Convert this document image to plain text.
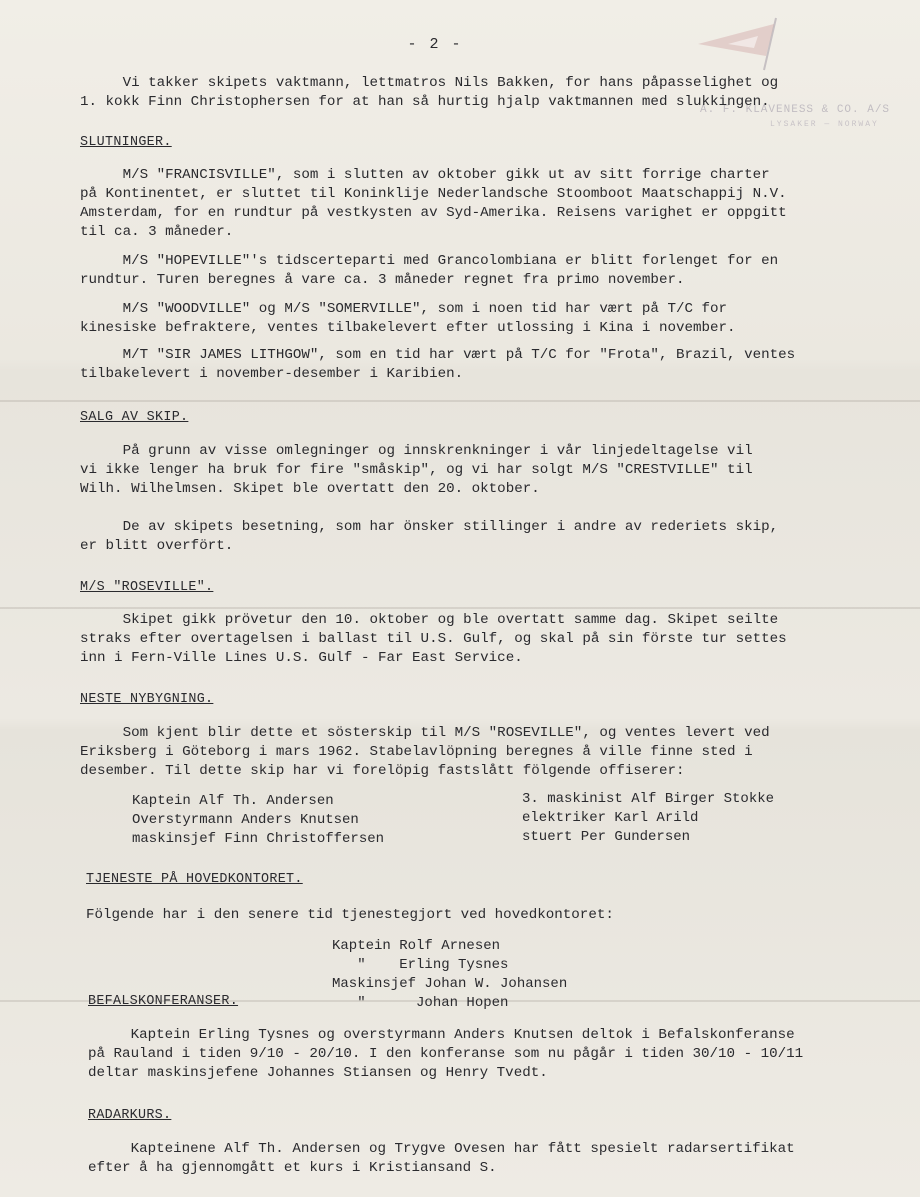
A. F. KLAVENESS & CO. A/S
LYSAKER — NORWAY
- 2 -
Vi takker skipets vaktmann, lettmatros Nils Bakken, for hans påpasselighet og
1. kokk Finn Christophersen for at han så hurtig hjalp vaktmannen med slukkingen.
SLUTNINGER.
M/S "FRANCISVILLE", som i slutten av oktober gikk ut av sitt forrige charter
på Kontinentet, er sluttet til Koninklije Nederlandsche Stoomboot Maatschappij N.V.
Amsterdam, for en rundtur på vestkysten av Syd-Amerika. Reisens varighet er oppgitt
til ca. 3 måneder.
M/S "HOPEVILLE"'s tidscerteparti med Grancolombiana er blitt forlenget for en
rundtur. Turen beregnes å vare ca. 3 måneder regnet fra primo november.
M/S "WOODVILLE" og M/S "SOMERVILLE", som i noen tid har vært på T/C for
kinesiske befraktere, ventes tilbakelevert efter utlossing i Kina i november.
M/T "SIR JAMES LITHGOW", som en tid har vært på T/C for "Frota", Brazil, ventes
tilbakelevert i november-desember i Karibien.
SALG AV SKIP.
På grunn av visse omlegninger og innskrenkninger i vår linjedeltagelse vil
vi ikke lenger ha bruk for fire "småskip", og vi har solgt M/S "CRESTVILLE" til
Wilh. Wilhelmsen. Skipet ble overtatt den 20. oktober.
De av skipets besetning, som har önsker stillinger i andre av rederiets skip,
er blitt overfört.
M/S "ROSEVILLE".
Skipet gikk prövetur den 10. oktober og ble overtatt samme dag. Skipet seilte
straks efter overtagelsen i ballast til U.S. Gulf, og skal på sin förste tur settes
inn i Fern-Ville Lines U.S. Gulf - Far East Service.
NESTE NYBYGNING.
Som kjent blir dette et sösterskip til M/S "ROSEVILLE", og ventes levert ved
Eriksberg i Göteborg i mars 1962. Stabelavlöpning beregnes å ville finne sted i
desember. Til dette skip har vi forelöpig fastslått fölgende offiserer:
Kaptein Alf Th. Andersen
Overstyrmann Anders Knutsen
maskinsjef Finn Christoffersen
3. maskinist Alf Birger Stokke
elektriker Karl Arild
stuert Per Gundersen
TJENESTE PÅ HOVEDKONTORET.
Fölgende har i den senere tid tjenestegjort ved hovedkontoret:
Kaptein Rolf Arnesen
"    Erling Tysnes
Maskinsjef Johan W. Johansen
"      Johan Hopen
BEFALSKONFERANSER.
Kaptein Erling Tysnes og overstyrmann Anders Knutsen deltok i Befalskonferanse
på Rauland i tiden 9/10 - 20/10. I den konferanse som nu pågår i tiden 30/10 - 10/11
deltar maskinsjefene Johannes Stiansen og Henry Tvedt.
RADARKURS.
Kapteinene Alf Th. Andersen og Trygve Ovesen har fått spesielt radarsertifikat
efter å ha gjennomgått et kurs i Kristiansand S.
